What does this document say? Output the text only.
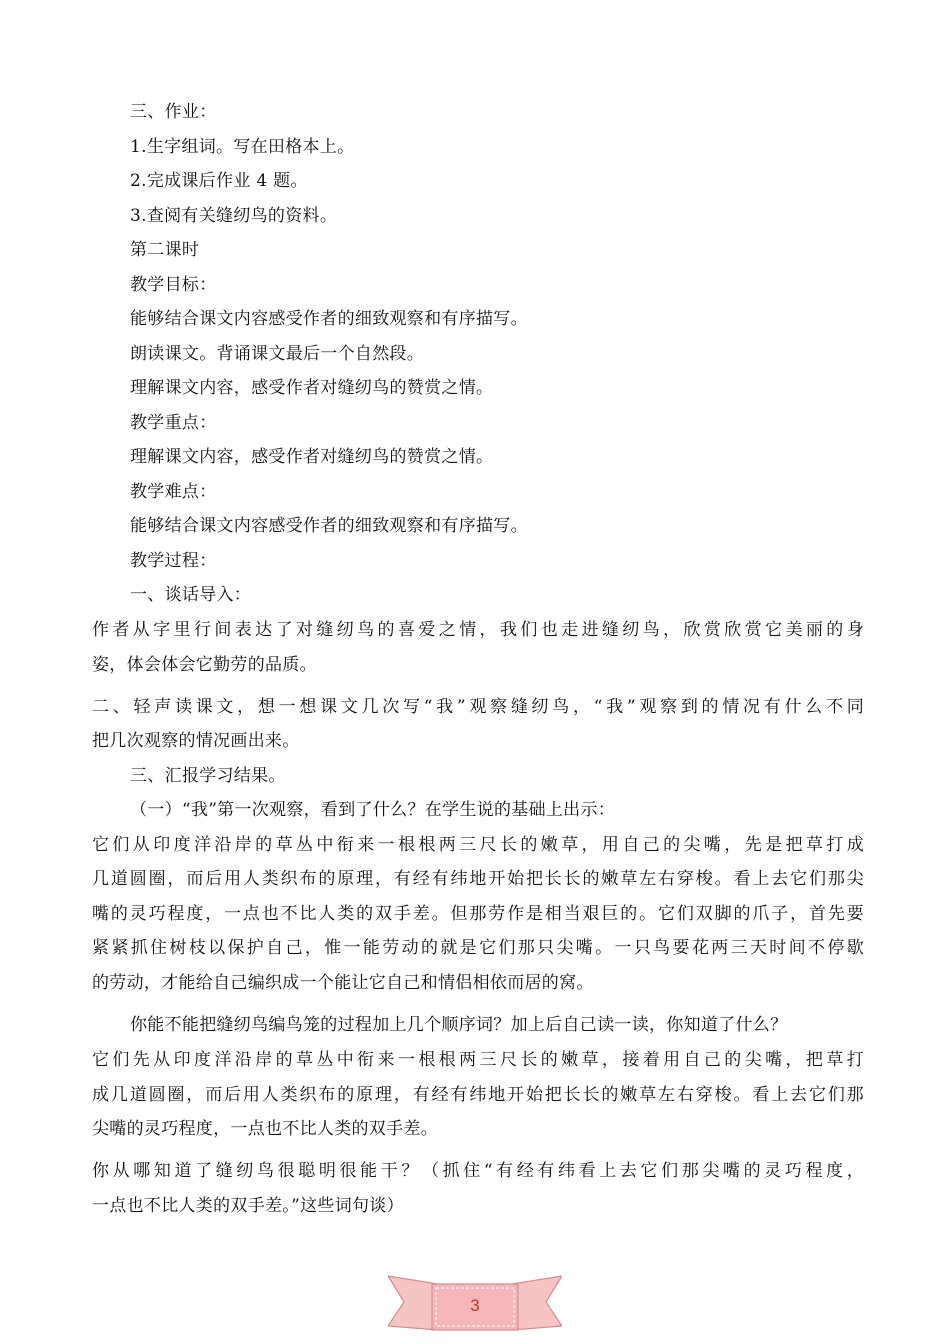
三、作业：
1.生字组词。写在田格本上。
2.完成课后作业 4 题。
3.查阅有关缝纫鸟的资料。
第二课时
教学目标：
能够结合课文内容感受作者的细致观察和有序描写。
朗读课文。背诵课文最后一个自然段。
理解课文内容，感受作者对缝纫鸟的赞赏之情。
教学重点：
理解课文内容，感受作者对缝纫鸟的赞赏之情。
教学难点：
能够结合课文内容感受作者的细致观察和有序描写。
教学过程：
一、谈话导入：
作者从字里行间表达了对缝纫鸟的喜爱之情，我们也走进缝纫鸟，欣赏欣赏它美丽的身
姿，体会体会它勤劳的品质。
二、轻声读课文，想一想课文几次写“我”观察缝纫鸟，“我”观察到的情况有什么不同
把几次观察的情况画出来。
三、汇报学习结果。
（一）“我”第一次观察，看到了什么？在学生说的基础上出示：
它们从印度洋沿岸的草丛中衔来一根根两三尺长的嫩草，用自己的尖嘴，先是把草打成
几道圆圈，而后用人类织布的原理，有经有纬地开始把长长的嫩草左右穿梭。看上去它们那尖
嘴的灵巧程度，一点也不比人类的双手差。但那劳作是相当艰巨的。它们双脚的爪子，首先要
紧紧抓住树枝以保护自己，惟一能劳动的就是它们那只尖嘴。一只鸟要花两三天时间不停歇
的劳动，才能给自己编织成一个能让它自己和情侣相依而居的窝。
你能不能把缝纫鸟编鸟笼的过程加上几个顺序词？加上后自己读一读，你知道了什么？
它们先从印度洋沿岸的草丛中衔来一根根两三尺长的嫩草，接着用自己的尖嘴，把草打
成几道圆圈，而后用人类织布的原理，有经有纬地开始把长长的嫩草左右穿梭。看上去它们那
尖嘴的灵巧程度，一点也不比人类的双手差。
你从哪知道了缝纫鸟很聪明很能干？（抓住“有经有纬看上去它们那尖嘴的灵巧程度，
一点也不比人类的双手差。”这些词句谈）
3
